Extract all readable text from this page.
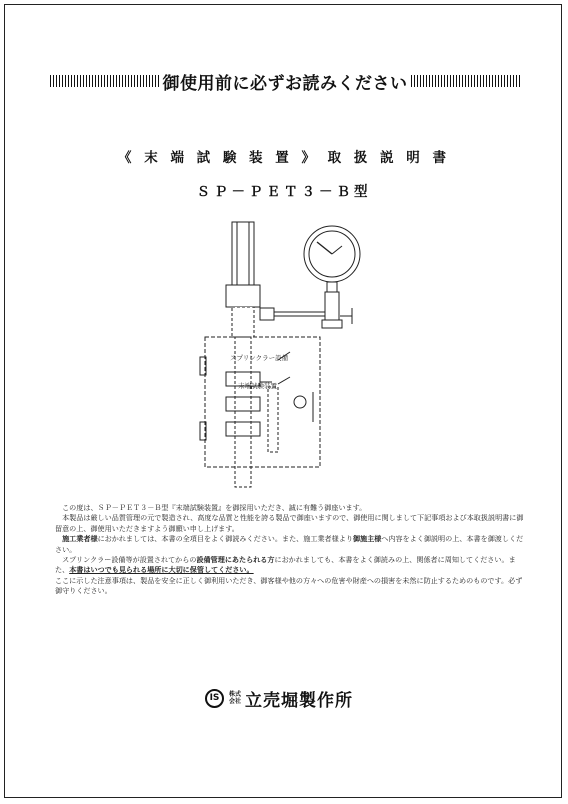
御使用前に必ずお読みください
《 末 端 試 験 装 置 》 取 扱 説 明 書
ＳＰ－ＰＥＴ３－Ｂ型
スプリンクラー設備
末端試験装置

　この度は、ＳＰ－ＰＥＴ３－Ｂ型『末端試験装置』を御採用いただき、誠に有難う御座います。

　本製品は厳しい品質管理の元で製造され、高度な品質と性能を誇る製品で御座いますので、御使用に関しまして下記事項および本取扱説明書に御留意の上、御使用いただきますよう御願い申し上げます。

　施工業者様におかれましては、本書の全項目をよく御読みください。また、施工業者様より御施主様へ内容をよく御説明の上、本書を御渡しください。

　スプリンクラー設備等が設置されてからの設備管理にあたられる方におかれましても、本書をよく御読みの上、関係者に周知してください。また、本書はいつでも見られる場所に大切に保管してください。

ここに示した注意事項は、製品を安全に正しく御利用いただき、御客様や他の方々への危害や財産への損害を未然に防止するためのものです。必ず御守りください。

IS	株式
会社 立売堀製作所
